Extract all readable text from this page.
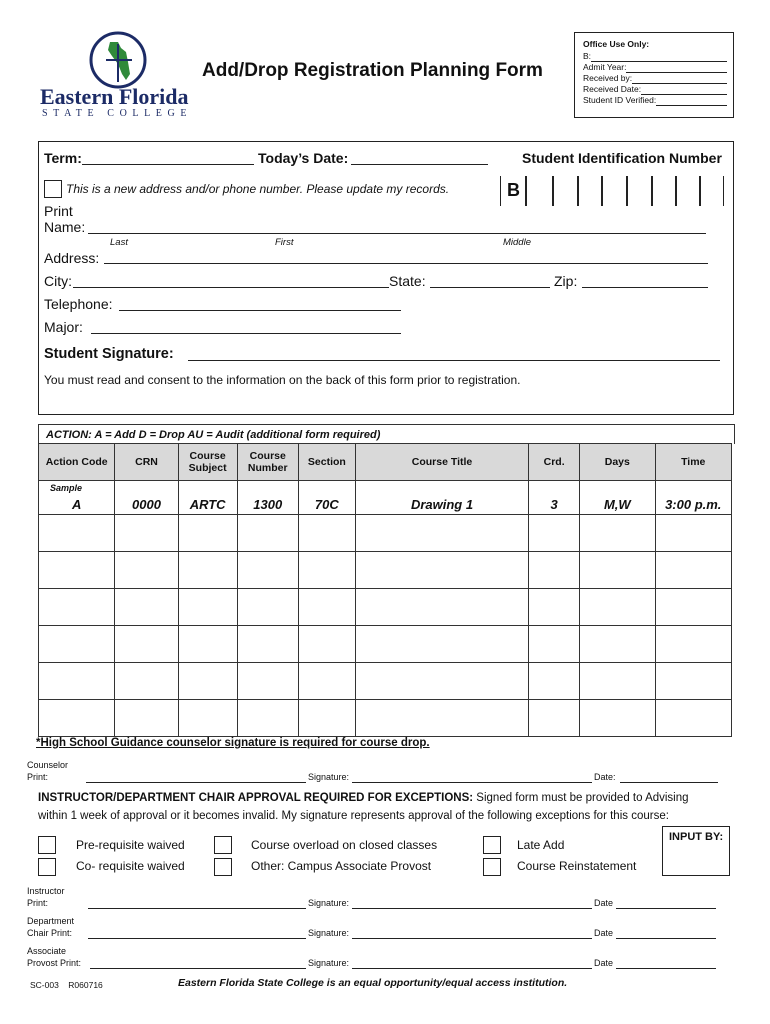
Eastern Florida
STATE COLLEGE
Add/Drop Registration Planning Form
Office Use Only:
B:
Admit Year:
Received by:
Received Date:
Student ID Verified:
Term:	Today’s Date:	Student Identification Number
This is a new address and/or phone number. Please update my records.	B
Print
Name:
Last	First	Middle
Address:
City:	State:	Zip:
Telephone:
Major:
Student Signature:
You must read and consent to the information on the back of this form prior to registration.
ACTION: A = Add D = Drop AU = Audit (additional form required)
Action Code	CRN	Course Subject	Course Number	Section	Course Title	Crd.	Days	Time

Sample
A	0000	ARTC	1300	70C	Drawing 1	3	M,W	3:00 p.m.

*High School Guidance counselor signature is required for course drop.
Counselor
Print:	Signature:	Date:
INSTRUCTOR/DEPARTMENT CHAIR APPROVAL REQUIRED FOR EXCEPTIONS: Signed form must be provided to Advising
within 1 week of approval or it becomes invalid. My signature represents approval of the following exceptions for this course:
INPUT BY:
Pre-requisite waived
Co- requisite waived
Course overload on closed classes
Other: Campus Associate Provost
Late Add
Course Reinstatement
Instructor
Print:	Signature:	Date
Department
Chair Print:	Signature:	Date
Associate
Provost Print:	Signature:	Date
SC-003    R060716	Eastern Florida State College is an equal opportunity/equal access institution.
